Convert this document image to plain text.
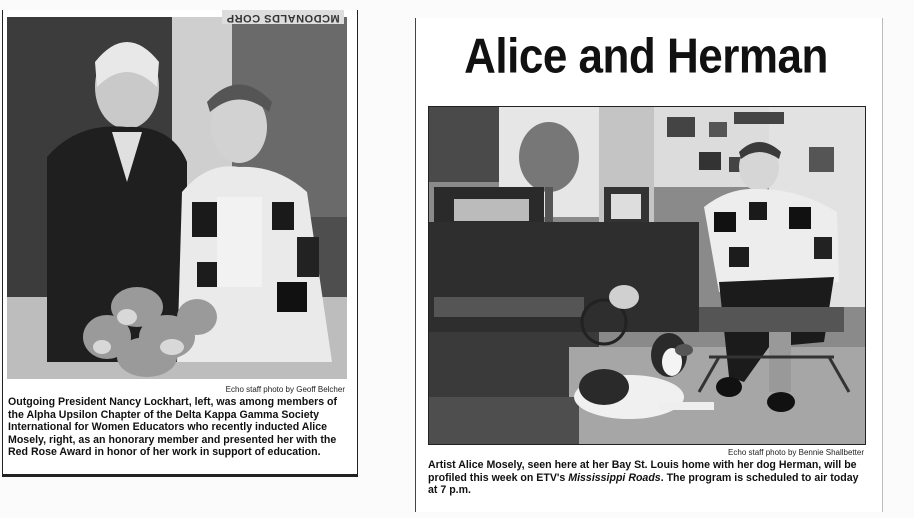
MCDONALDS CORP
Echo staff photo by Geoff Belcher
Outgoing President Nancy Lockhart, left, was among members of the Alpha Upsilon Chapter of the Delta Kappa Gamma Society International for Women Educators who recently inducted Alice Mosely, right, as an honorary member and presented her with the Red Rose Award in honor of her work in support of education.
Alice and Herman
Echo staff photo by Bennie Shallbetter
Artist Alice Mosely, seen here at her Bay St. Louis home with her dog Herman, will be profiled this week on ETV's Mississippi Roads. The program is scheduled to air today at 7 p.m.
